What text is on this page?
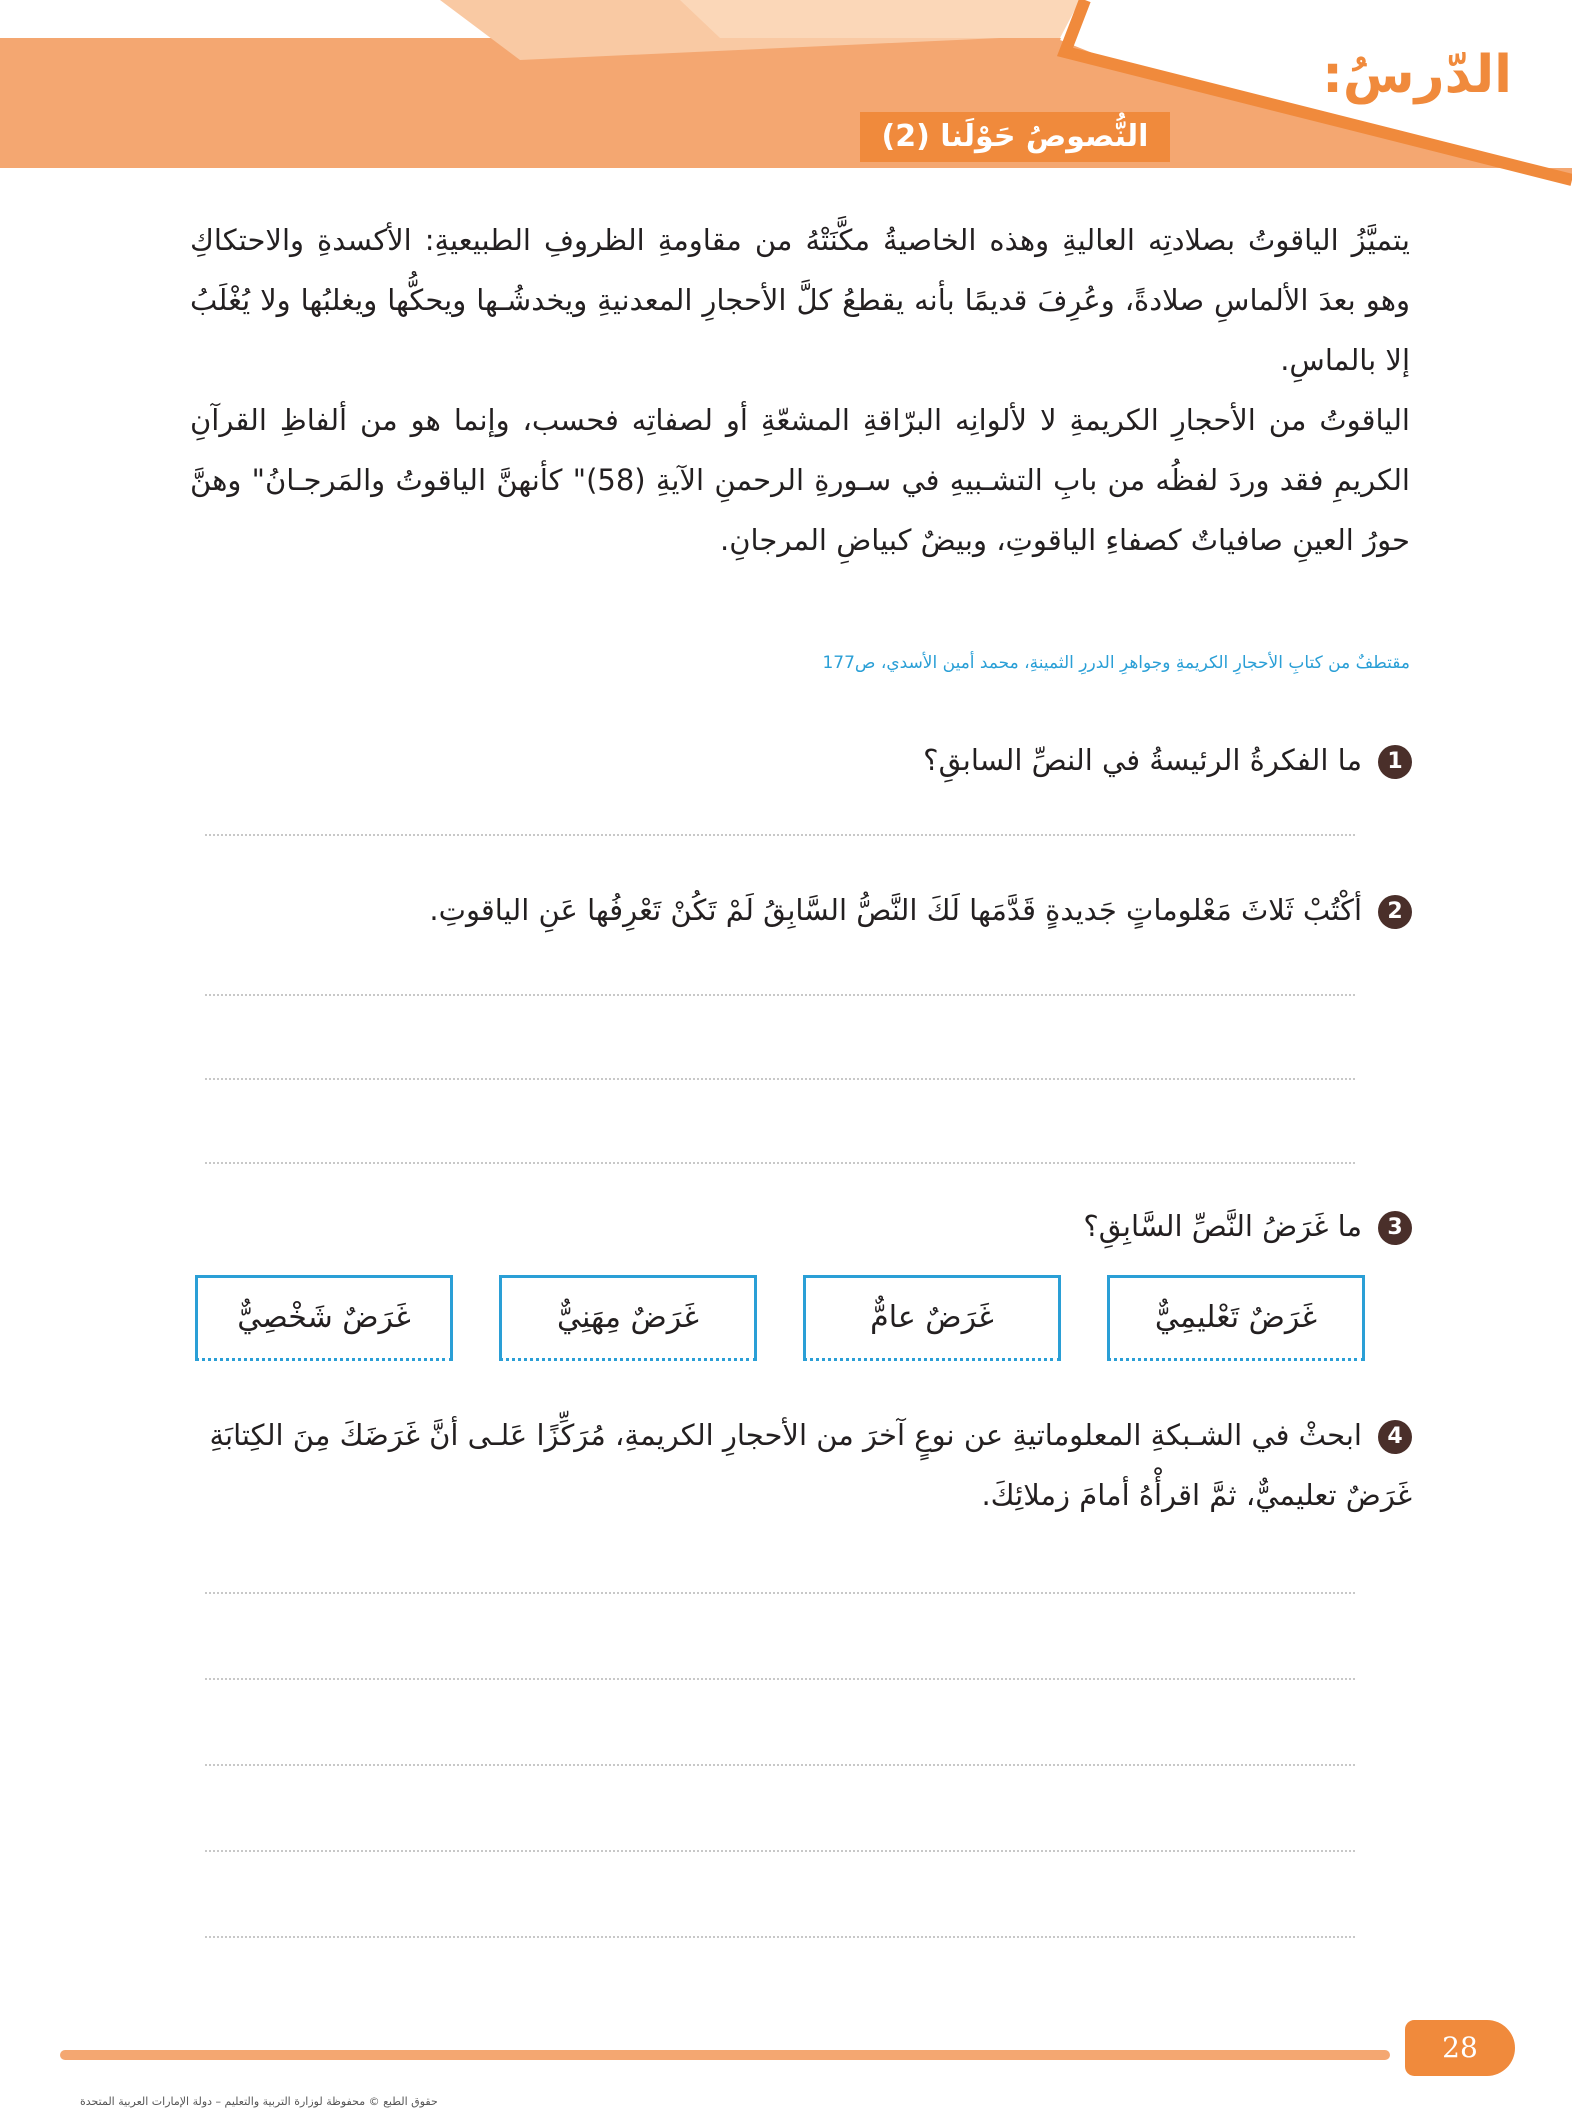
الدّرسُ:
النُّصوصُ حَوْلَنا (2)

يتميَّزُ الياقوتُ بصلادتِه العاليةِ وهذه الخاصيةُ مكَّنَتْهُ من مقاومةِ الظروفِ الطبيعيةِ: الأكسدةِ والاحتكاكِ وهو بعدَ الألماسِ صلادةً، وعُرِفَ قديمًا بأنه يقطعُ كلَّ الأحجارِ المعدنيةِ ويخدشُـها ويحكُّها ويغلبُها ولا يُغْلَبُ إلا بالماسِ.

الياقوتُ من الأحجارِ الكريمةِ لا لألوانِه البرّاقةِ المشعّةِ أو لصفاتِه فحسب، وإنما هو من ألفاظِ القرآنِ الكريمِ فقد وردَ لفظُه من بابِ التشـبيهِ في سـورةِ الرحمنِ الآيةِ (58)" كأنهنَّ الياقوتُ والمَرجـانُ" وهنَّ حورُ العينِ صافياتٌ كصفاءِ الياقوتِ، وبيضٌ كبياضِ المرجانِ.

مقتطفٌ من كتابِ الأحجارِ الكريمةِ وجواهرِ الدررِ الثمينةِ، محمد أمين الأسدي، ص177
1ما الفكرةُ الرئيسةُ في النصِّ السابقِ؟
2أكْتُبْ ثَلاثَ مَعْلوماتٍ جَديدةٍ قَدَّمَها لَكَ النَّصُّ السَّابِقُ لَمْ تَكُنْ تَعْرِفُها عَنِ الياقوتِ.
3ما غَرَضُ النَّصِّ السَّابِقِ؟
غَرَضٌ تَعْليمِيٌّ
غَرَضٌ عامٌّ
غَرَضٌ مِهَنِيٌّ
غَرَضٌ شَخْصِيٌّ
4ابحثْ في الشـبكةِ المعلوماتيةِ عن نوعٍ آخرَ من الأحجارِ الكريمةِ، مُرَكِّزًا عَلـى أنَّ غَرَضَكَ مِنَ الكِتابَةِ غَرَضٌ تعليميٌّ، ثمَّ اقرأْهُ أمامَ زملائِكَ.
28
حقوق الطبع © محفوظة لوزارة التربية والتعليم – دولة الإمارات العربية المتحدة
